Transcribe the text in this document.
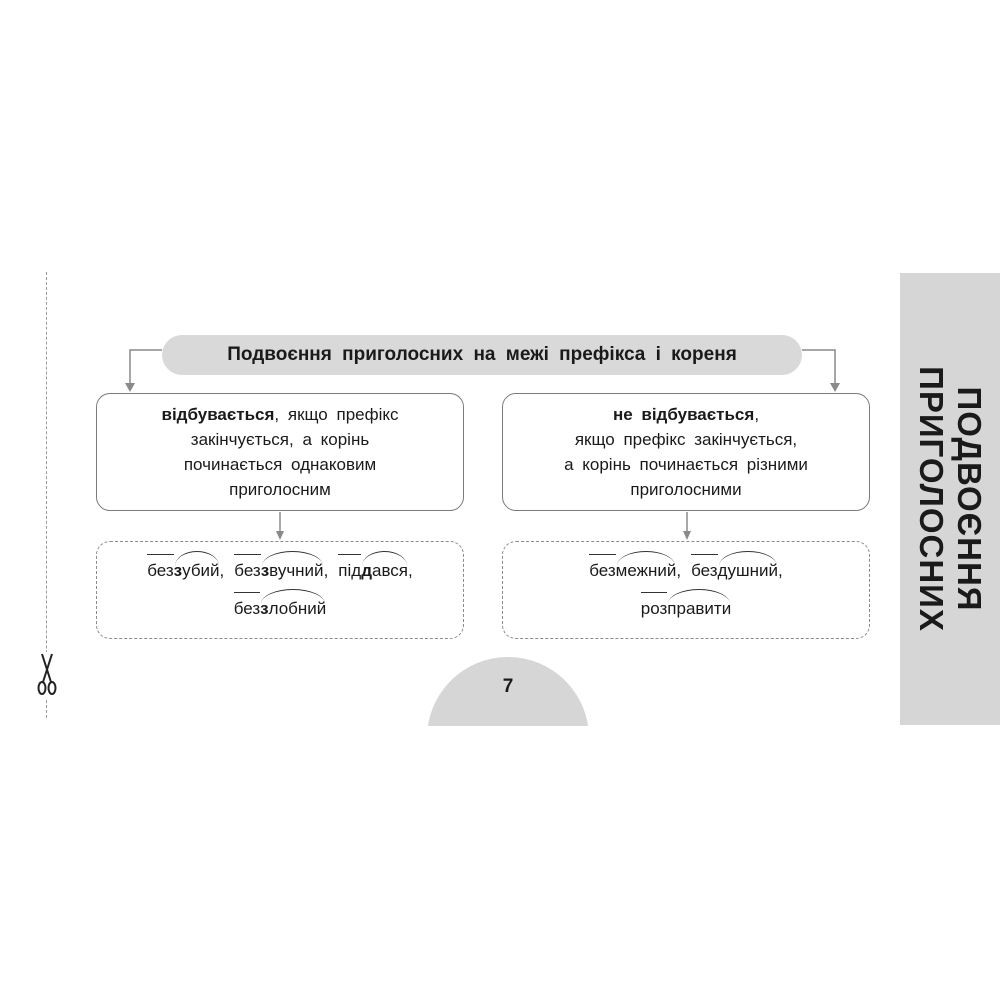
ПОДВОЄННЯ
ПРИГОЛОСНИХ
Подвоєння приголосних на межі префікса і кореня
відбувається, якщо префікс
закінчується, а корінь
починається однаковим
приголосним
не відбувається,
якщо префікс закінчується,
а корінь починається різними
приголосними
без зубий , без звучний , під дався ,
без злобний
без межний , без душний ,
роз правити
7
